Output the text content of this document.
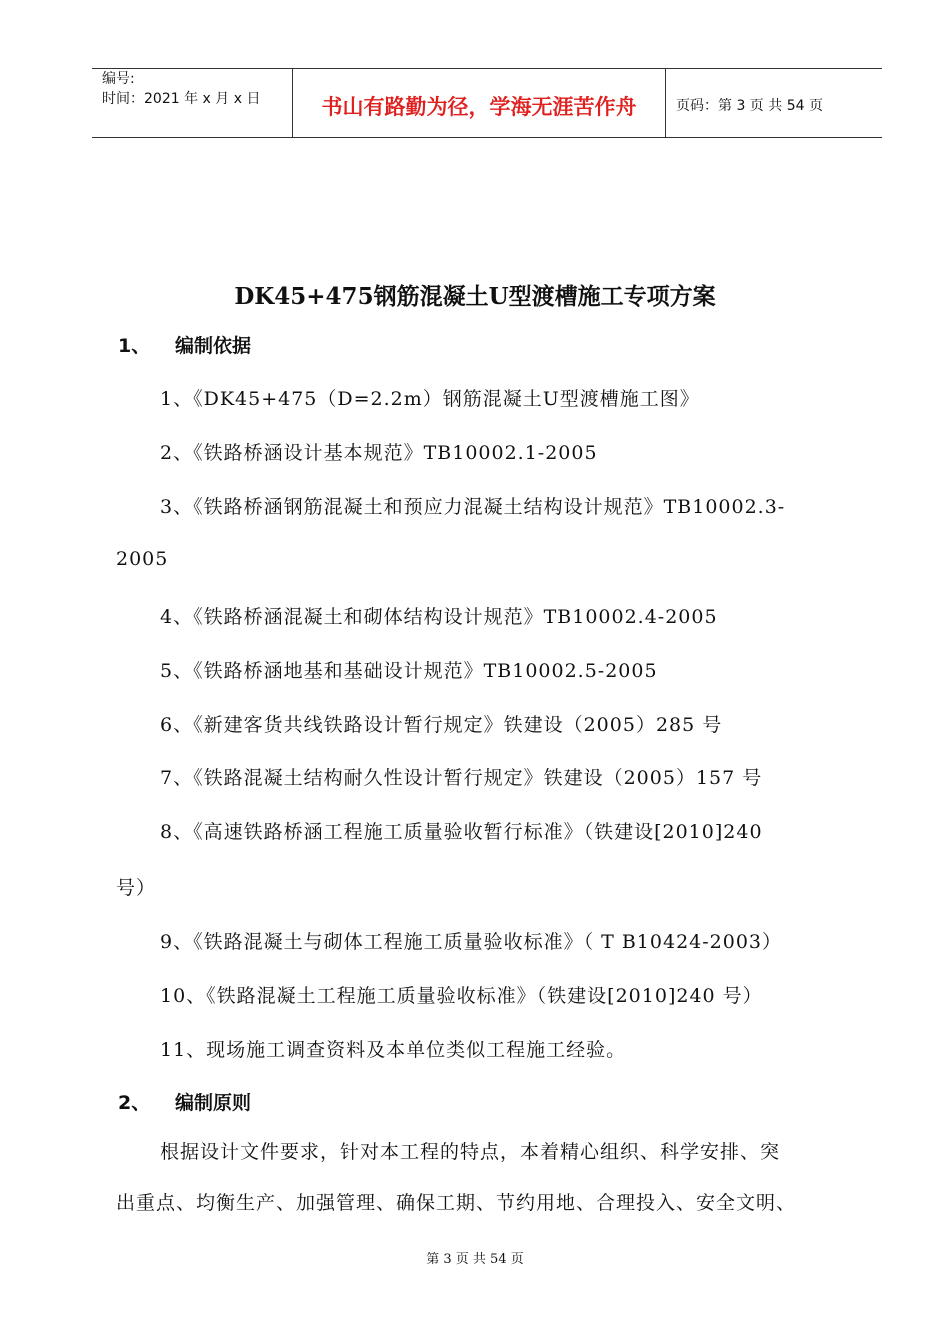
编号:
时间：2021 年 x 月 x 日	书山有路勤为径，学海无涯苦作舟	页码：第 3 页 共 54 页
DK45+475钢筋混凝土U型渡槽施工专项方案
1、 编制依据
1、《DK45+475（D=2.2m）钢筋混凝土U型渡槽施工图》
2、《铁路桥涵设计基本规范》TB10002.1-2005
3、《铁路桥涵钢筋混凝土和预应力混凝土结构设计规范》TB10002.3-
2005
4、《铁路桥涵混凝土和砌体结构设计规范》TB10002.4-2005
5、《铁路桥涵地基和基础设计规范》TB10002.5-2005
6、《新建客货共线铁路设计暂行规定》铁建设（2005）285 号
7、《铁路混凝土结构耐久性设计暂行规定》铁建设（2005）157 号
8、《高速铁路桥涵工程施工质量验收暂行标准》（铁建设[2010]240
号）
9、《铁路混凝土与砌体工程施工质量验收标准》（ T B10424-2003）
10、《铁路混凝土工程施工质量验收标准》（铁建设[2010]240 号）
11、现场施工调查资料及本单位类似工程施工经验。
2、 编制原则
根据设计文件要求，针对本工程的特点，本着精心组织、科学安排、突
出重点、均衡生产、加强管理、确保工期、节约用地、合理投入、安全文明、
第 3 页 共 54 页
